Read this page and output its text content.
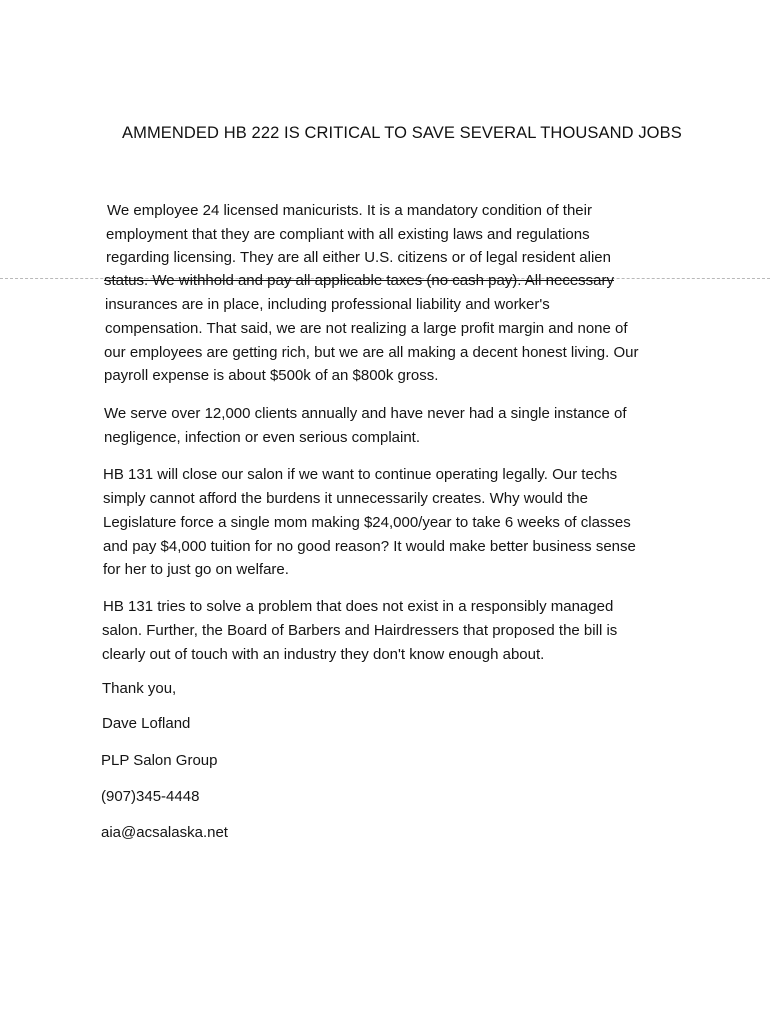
AMMENDED HB 222 IS CRITICAL TO SAVE SEVERAL THOUSAND JOBS
We employee 24 licensed manicurists. It is a mandatory condition of their
employment that they are compliant with all existing laws and regulations
regarding licensing. They are all either U.S. citizens or of legal resident alien
status. We withhold and pay all applicable taxes (no cash pay). All necessary
insurances are in place, including professional liability and worker's
compensation. That said, we are not realizing a large profit margin and none of
our employees are getting rich, but we are all making a decent honest living. Our
payroll expense is about $500k of an $800k gross.
We serve over 12,000 clients annually and have never had a single instance of
negligence, infection or even serious complaint.
HB 131 will close our salon if we want to continue operating legally. Our techs
simply cannot afford the burdens it unnecessarily creates. Why would the
Legislature force a single mom making $24,000/year to take 6 weeks of classes
and pay $4,000 tuition for no good reason? It would make better business sense
for her to just go on welfare.
HB 131 tries to solve a problem that does not exist in a responsibly managed
salon. Further, the Board of Barbers and Hairdressers that proposed the bill is
clearly out of touch with an industry they don't know enough about.
Thank you,
Dave Lofland
PLP Salon Group
(907)345-4448
aia@acsalaska.net
